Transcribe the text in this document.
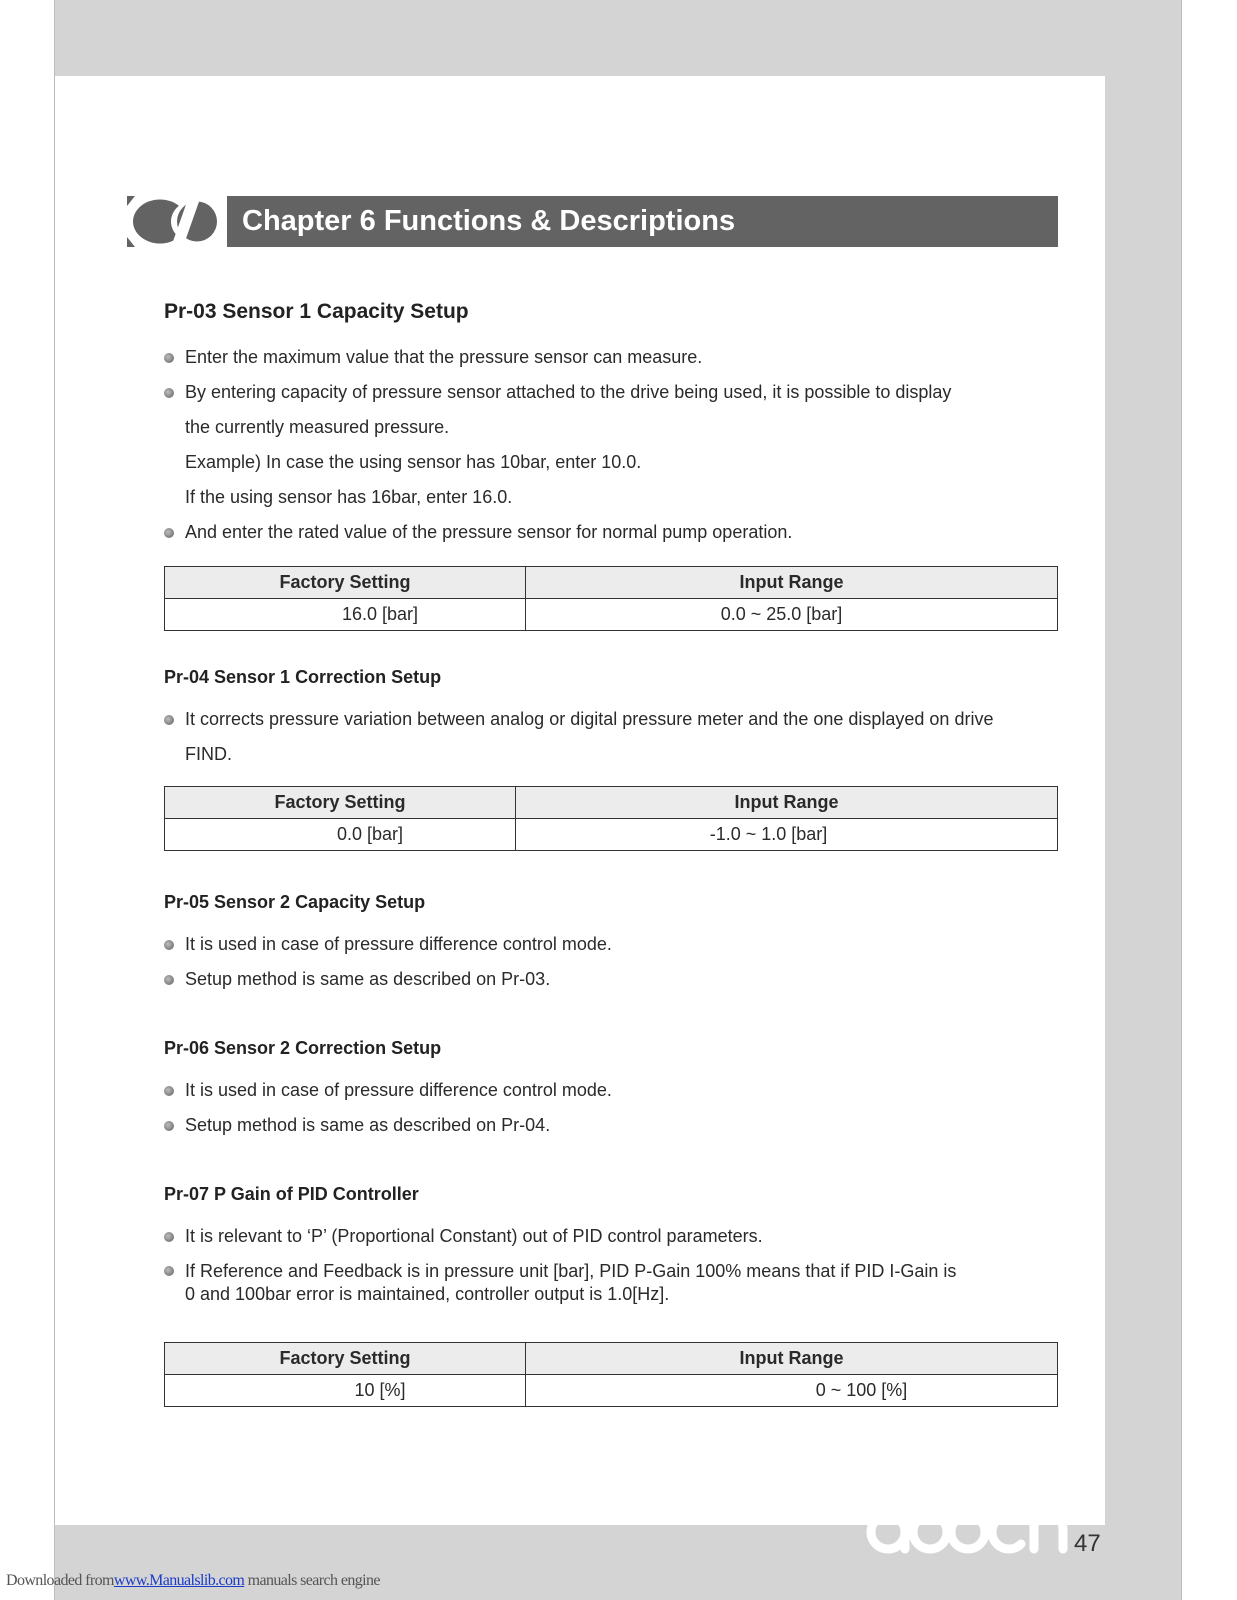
Chapter 6 Functions & Descriptions
Pr-03 Sensor 1 Capacity Setup

Enter the maximum value that the pressure sensor can measure.

By entering capacity of pressure sensor attached to the drive being used, it is possible to display

the currently measured pressure.

Example) In case the using sensor has 10bar, enter 10.0.

If the using sensor has 16bar, enter 16.0.

And enter the rated value of the pressure sensor for normal pump operation.

Factory Setting	Input Range
16.0 [bar]	0.0 ~ 25.0 [bar]
Pr-04 Sensor 1 Correction Setup

It corrects pressure variation between analog or digital pressure meter and the one displayed on drive

FIND.

Factory Setting	Input Range
0.0 [bar]	-1.0 ~ 1.0 [bar]
Pr-05 Sensor 2 Capacity Setup

It is used in case of pressure difference control mode.

Setup method is same as described on Pr-03.

Pr-06 Sensor 2 Correction Setup

It is used in case of pressure difference control mode.

Setup method is same as described on Pr-04.

Pr-07 P Gain of PID Controller

It is relevant to ‘P’ (Proportional Constant) out of PID control parameters.

If Reference and Feedback is in pressure unit [bar], PID P-Gain 100% means that if PID I-Gain is
0 and 100bar error is maintained, controller output is 1.0[Hz].

Factory Setting	Input Range
10 [%]	0 ~ 100 [%]
47
Downloaded fromwww.Manualslib.com manuals search engine
